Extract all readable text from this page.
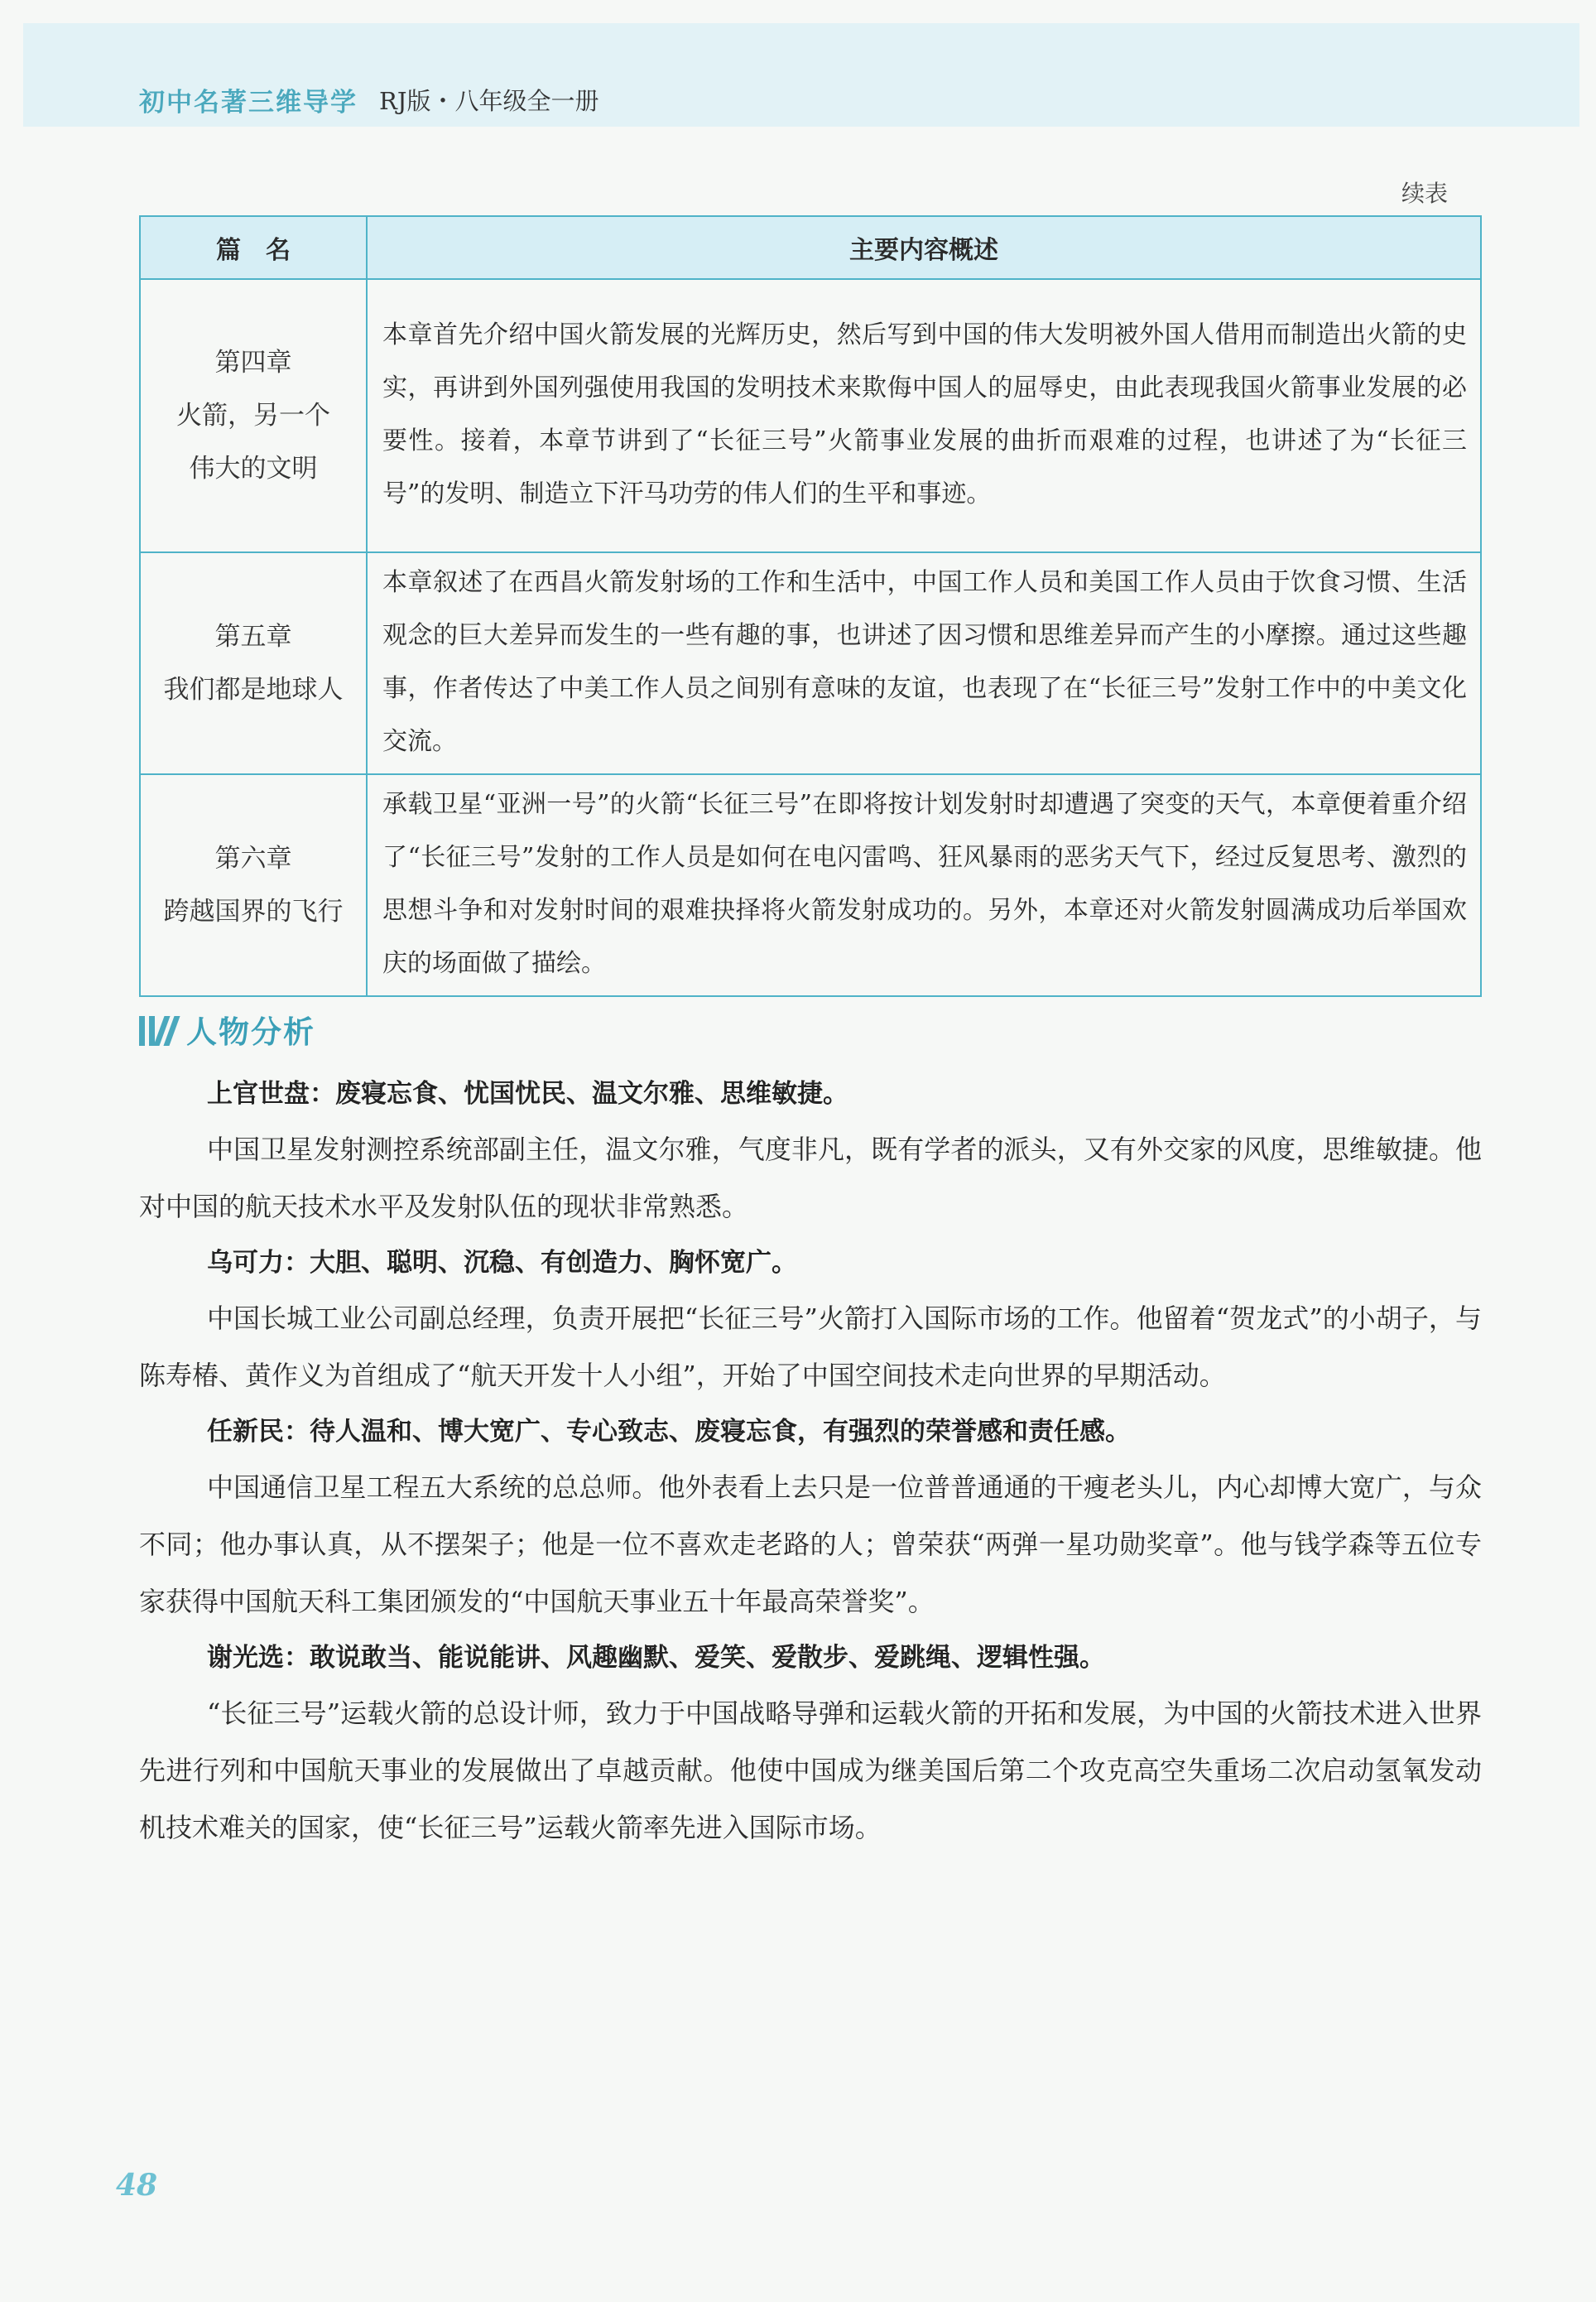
初中名著三维导学 RJ版・八年级全一册
续表
篇　名	主要内容概述

第四章
火箭，另一个
伟大的文明	本章首先介绍中国火箭发展的光辉历史，然后写到中国的伟大发明被外国人借用而制造出火箭的史实，再讲到外国列强使用我国的发明技术来欺侮中国人的屈辱史，由此表现我国火箭事业发展的必要性。接着，本章节讲到了“长征三号”火箭事业发展的曲折而艰难的过程，也讲述了为“长征三号”的发明、制造立下汗马功劳的伟人们的生平和事迹。

第五章
我们都是地球人	本章叙述了在西昌火箭发射场的工作和生活中，中国工作人员和美国工作人员由于饮食习惯、生活观念的巨大差异而发生的一些有趣的事，也讲述了因习惯和思维差异而产生的小摩擦。通过这些趣事，作者传达了中美工作人员之间别有意味的友谊，也表现了在“长征三号”发射工作中的中美文化交流。

第六章
跨越国界的飞行	承载卫星“亚洲一号”的火箭“长征三号”在即将按计划发射时却遭遇了突变的天气，本章便着重介绍了“长征三号”发射的工作人员是如何在电闪雷鸣、狂风暴雨的恶劣天气下，经过反复思考、激烈的思想斗争和对发射时间的艰难抉择将火箭发射成功的。另外，本章还对火箭发射圆满成功后举国欢庆的场面做了描绘。
人物分析

上官世盘：废寝忘食、忧国忧民、温文尔雅、思维敏捷。

中国卫星发射测控系统部副主任，温文尔雅，气度非凡，既有学者的派头，又有外交家的风度，思维敏捷。他对中国的航天技术水平及发射队伍的现状非常熟悉。

乌可力：大胆、聪明、沉稳、有创造力、胸怀宽广。

中国长城工业公司副总经理，负责开展把“长征三号”火箭打入国际市场的工作。他留着“贺龙式”的小胡子，与陈寿椿、黄作义为首组成了“航天开发十人小组”，开始了中国空间技术走向世界的早期活动。

任新民：待人温和、博大宽广、专心致志、废寝忘食，有强烈的荣誉感和责任感。

中国通信卫星工程五大系统的总总师。他外表看上去只是一位普普通通的干瘦老头儿，内心却博大宽广，与众不同；他办事认真，从不摆架子；他是一位不喜欢走老路的人；曾荣获“两弹一星功勋奖章”。他与钱学森等五位专家获得中国航天科工集团颁发的“中国航天事业五十年最高荣誉奖”。

谢光选：敢说敢当、能说能讲、风趣幽默、爱笑、爱散步、爱跳绳、逻辑性强。

“长征三号”运载火箭的总设计师，致力于中国战略导弹和运载火箭的开拓和发展，为中国的火箭技术进入世界先进行列和中国航天事业的发展做出了卓越贡献。他使中国成为继美国后第二个攻克高空失重场二次启动氢氧发动机技术难关的国家，使“长征三号”运载火箭率先进入国际市场。

48
